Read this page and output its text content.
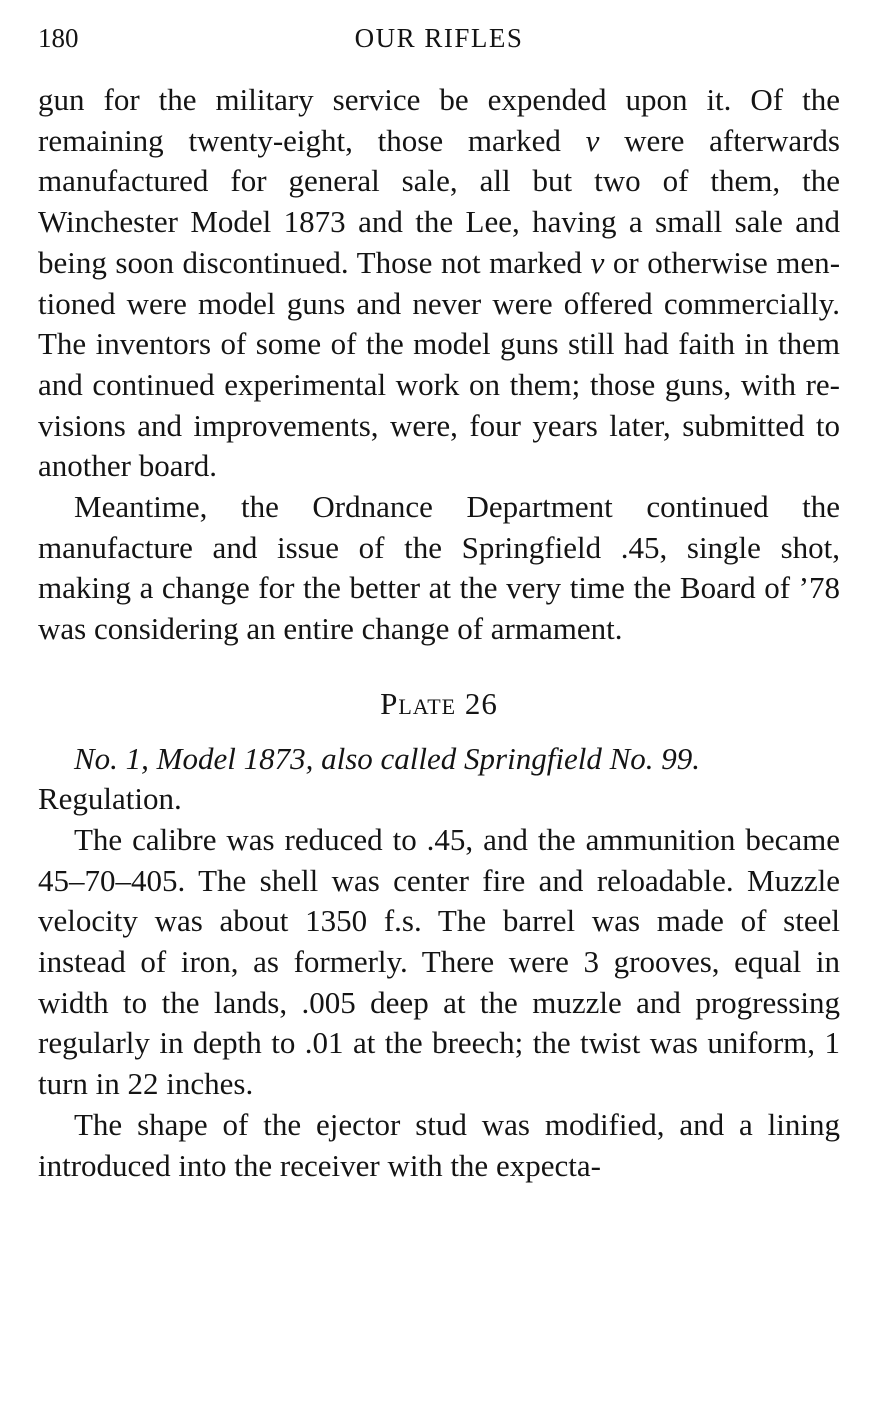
180	OUR RIFLES

gun for the military service be expended upon it. Of the remaining twenty-eight, those marked v were afterwards manufactured for general sale, all but two of them, the Winchester Model 1873 and the Lee, having a small sale and being soon discontinued. Those not marked v or otherwise mentioned were model guns and never were offered commercially. The inventors of some of the model guns still had faith in them and continued experimental work on them; those guns, with revisions and improvements, were, four years later, submitted to another board.

Meantime, the Ordnance Department continued the manufacture and issue of the Springfield .45, single shot, making a change for the better at the very time the Board of ’78 was considering an entire change of armament.

Plate 26

No. 1, Model 1873, also called Springfield No. 99.
Regulation.

The calibre was reduced to .45, and the ammunition became 45–70–405. The shell was center fire and reloadable. Muzzle velocity was about 1350 f.s. The barrel was made of steel instead of iron, as formerly. There were 3 grooves, equal in width to the lands, .005 deep at the muzzle and progressing regularly in depth to .01 at the breech; the twist was uniform, 1 turn in 22 inches.

The shape of the ejector stud was modified, and a lining introduced into the receiver with the expecta-
